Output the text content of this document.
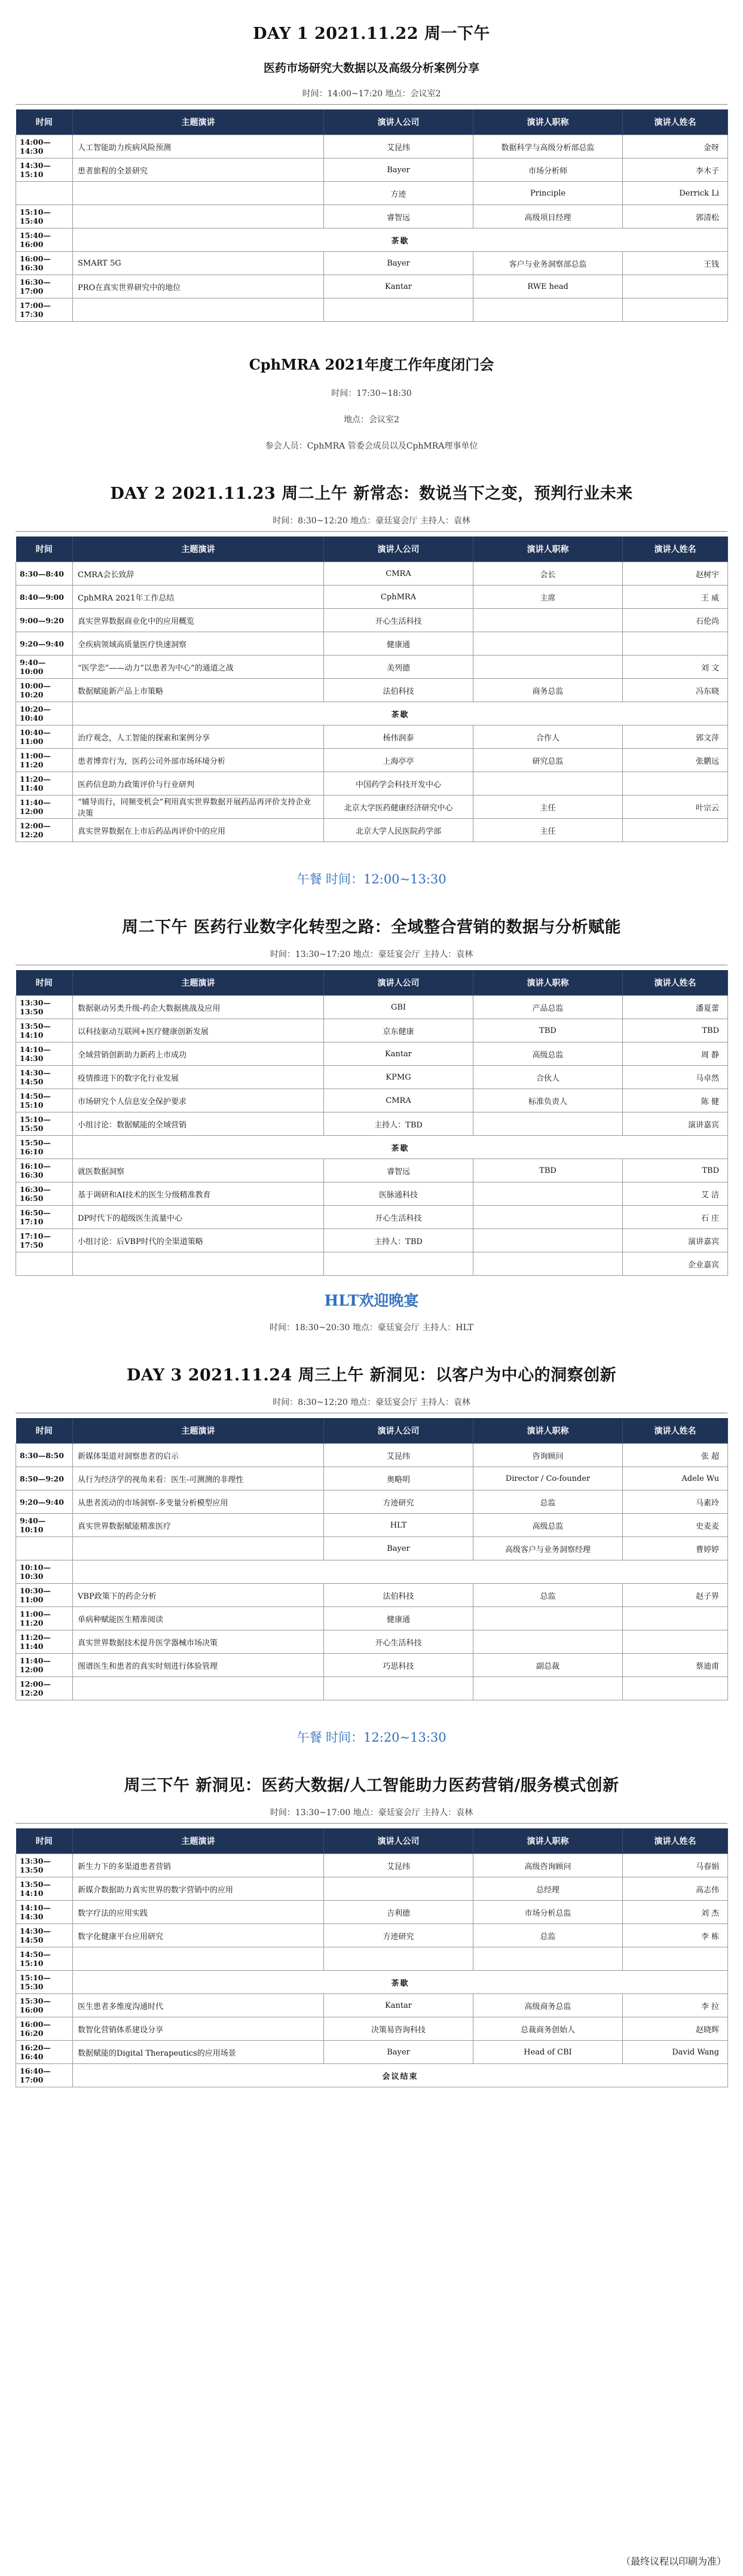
DAY 1 2021.11.22 周一下午
医药市场研究大数据以及高级分析案例分享
时间：14:00~17:20 地点：会议室2
时间	主题演讲	演讲人公司	演讲人职称	演讲人姓名
14:00—14:30	人工智能助力疾病风险预测	艾昆纬	数据科学与高级分析部总监	金呀
14:30—15:10	患者旅程的全景研究	Bayer	市场分析师	李木子
		方迹	Principle	Derrick Li
15:10—15:40		睿智远	高级项目经理	郭清松
15:40—16:00	茶歇			
16:00—16:30	SMART 5G	Bayer	客户与业务洞察部总监	王钱
16:30—17:00	PRO在真实世界研究中的地位	Kantar	RWE head	
17:00—17:30				
CphMRA 2021年度工作年度闭门会
时间：17:30~18:30
地点：会议室2
参会人员：CphMRA 管委会成员以及CphMRA理事单位
DAY 2 2021.11.23 周二上午 新常态：数说当下之变，预判行业未来
时间：8:30~12:20 地点：豪廷宴会厅 主持人：袁林
时间	主题演讲	演讲人公司	演讲人职称	演讲人姓名
8:30—8:40	CMRA会长致辞	CMRA	会长	赵树宇
8:40—9:00	CphMRA 2021年工作总结	CphMRA	主席	王 威
9:00—9:20	真实世界数据商业化中的应用概览	开心生活科技		石伦尚
9:20—9:40	全疾病领域高质量医疗快速洞察	健康通		
9:40—10:00	“医学恋”——动力“以患者为中心”的通道之战	美列德		刘 文
10:00—10:20	数据赋能新产品上市策略	法伯科技	商务总监	冯东晓
10:20—10:40	茶歇			
10:40—11:00	治疗观念，人工智能的探索和案例分享	杨伟润泰	合作人	郭文萍
11:00—11:20	患者博弈行为，医药公司外部市场环境分析	上海亭亭	研究总监	张鹏远
11:20—11:40	医药信息助力政策评价与行业研判	中国药学会科技开发中心		
11:40—12:00	“辅导而行，同频变机会”利用真实世界数据开展药品再评价支持企业决策	北京大学医药健康经济研究中心	主任	叶宗云
12:00—12:20	真实世界数据在上市后药品再评价中的应用	北京大学人民医院药学部	主任	
午餐 时间：12:00~13:30
周二下午 医药行业数字化转型之路：全域整合营销的数据与分析赋能
时间：13:30~17:20 地点：豪廷宴会厅 主持人：袁林
时间	主题演讲	演讲人公司	演讲人职称	演讲人姓名
13:30—13:50	数据驱动另类升级-药企大数据挑战及应用	GBI	产品总监	潘夏蕾
13:50—14:10	以科技驱动互联网+医疗健康创新发展	京东健康	TBD	TBD
14:10—14:30	全域营销创新助力新药上市成功	Kantar	高级总监	周 静
14:30—14:50	疫情推进下的数字化行业发展	KPMG	合伙人	马卓然
14:50—15:10	市场研究个人信息安全保护要求	CMRA	标准负责人	陈 健
15:10—15:50	小组讨论：数据赋能的全域营销	主持人：TBD		演讲嘉宾
15:50—16:10	茶歇			
16:10—16:30	就医数据洞察	睿智远	TBD	TBD
16:30—16:50	基于调研和AI技术的医生分级精准教育	医脉通科技		艾 洁
16:50—17:10	DP时代下的超级医生流量中心	开心生活科技		石 庄
17:10—17:50	小组讨论：后VBP时代的全渠道策略	主持人：TBD		演讲嘉宾
				企业嘉宾
HLT欢迎晚宴
时间：18:30~20:30 地点：豪廷宴会厅 主持人：HLT
DAY 3 2021.11.24 周三上午 新洞见：以客户为中心的洞察创新
时间：8:30~12:20 地点：豪廷宴会厅 主持人：袁林
时间	主题演讲	演讲人公司	演讲人职称	演讲人姓名
8:30—8:50	新媒体渠道对洞察患者的启示	艾昆纬	咨询顾问	张 超
8:50—9:20	从行为经济学的视角来看：医生-可测测的非理性	奥略明	Director / Co-founder	Adele Wu
9:20—9:40	从患者流动的市场洞察-多变量分析模型应用	方迹研究	总监	马素玲
9:40—10:10	真实世界数据赋能精准医疗	HLT	高级总监	史麦麦
		Bayer	高级客户与业务洞察经理	曹婷婷
10:10—10:30				
10:30—11:00	VBP政策下的药企分析	法伯科技	总监	赵子界
11:00—11:20	单病种赋能医生精准阅读	健康通		
11:20—11:40	真实世界数据技术提升医学器械市场决策	开心生活科技		
11:40—12:00	图谱医生和患者的真实时刻进行体验管理	巧思科技	副总裁	蔡迪甫
12:00—12:20				
午餐 时间：12:20~13:30
周三下午 新洞见：医药大数据/人工智能助力医药营销/服务模式创新
时间：13:30~17:00 地点：豪廷宴会厅 主持人：袁林
时间	主题演讲	演讲人公司	演讲人职称	演讲人姓名
13:30—13:50	新生力下的多渠道患者营销	艾昆纬	高级咨询顾问	马春娟
13:50—14:10	新媒介数据助力真实世界的数字营销中的应用		总经理	高志伟
14:10—14:30	数字疗法的应用实践	吉利德	市场分析总监	刘 杰
14:30—14:50	数字化健康平台应用研究	方迹研究	总监	李 栋
14:50—15:10				
15:10—15:30	茶歇			
15:30—16:00	医生患者多维度沟通时代	Kantar	高级商务总监	李 拉
16:00—16:20	数智化营销体系建设分享	决策易咨询科技	总裁商务创始人	赵晓辉
16:20—16:40	数据赋能的Digital Therapeutics的应用场景	Bayer	Head of CBI	David Wang
16:40—17:00	会议结束			
（最终议程以印刷为准）
